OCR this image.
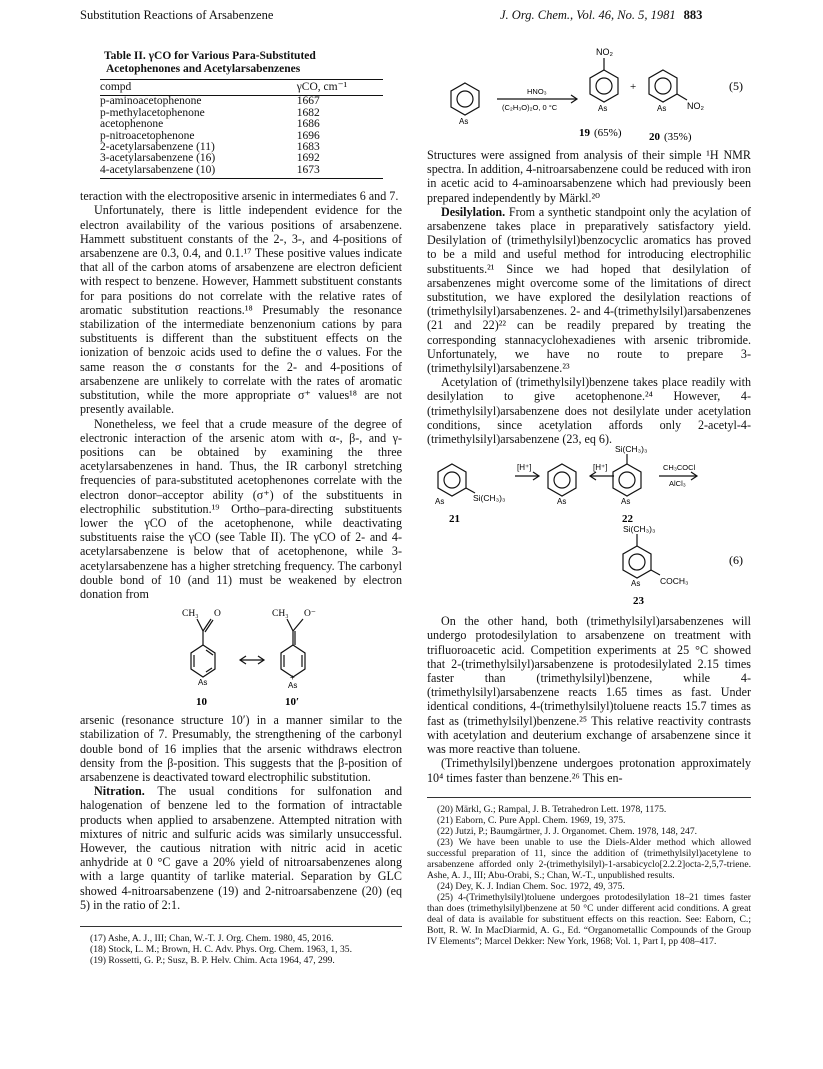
Substitution Reactions of Arsabenzene	J. Org. Chem., Vol. 46, No. 5, 1981 883
Table II. γCO for Various Para-Substituted
Acetophenones and Acetylarsabenzenes
compd	γCO, cm⁻¹
p-aminoacetophenone	1667
p-methylacetophenone	1682
acetophenone	1686
p-nitroacetophenone	1696
2-acetylarsabenzene (11)	1683
3-acetylarsabenzene (16)	1692
4-acetylarsabenzene (10)	1673

teraction with the electropositive arsenic in intermediates 6 and 7.

Unfortunately, there is little independent evidence for the electron availability of the various positions of arsabenzene. Hammett substituent constants of the 2-, 3-, and 4-positions of arsabenzene are 0.3, 0.4, and 0.1.¹⁷ These positive values indicate that all of the carbon atoms of arsabenzene are electron deficient with respect to benzene. However, Hammett substituent constants for para positions do not correlate with the relative rates of aromatic substitution reactions.¹⁸ Presumably the resonance stabilization of the intermediate benzenonium cations by para substituents is different than the substituent effects on the ionization of benzoic acids used to define the σ values. For the same reason the σ constants for the 2- and 4-positions of arsabenzene are unlikely to correlate with the rates of aromatic substitution, while the more appropriate σ⁺ values¹⁸ are not presently available.

Nonetheless, we feel that a crude measure of the degree of electronic interaction of the arsenic atom with α-, β-, and γ-positions can be obtained by examining the three acetylarsabenzenes in hand. Thus, the IR carbonyl stretching frequencies of para-substituted acetophenones correlate with the electron donor–acceptor ability (σ⁺) of the substituents in electrophilic substitution.¹⁹ Ortho–para-directing substituents lower the γCO of the acetophenone, while deactivating substituents raise the γCO (see Table II). The γCO of 2- and 4-acetylarsabenzene is below that of acetophenone, while 3-acetylarsabenzene has a higher stretching frequency. The carbonyl double bond of 10 (and 11) must be weakened by electron donation from

CH₃ O	CH₃ O⁻
As
+
As
10	10′

arsenic (resonance structure 10′) in a manner similar to the stabilization of 7. Presumably, the strengthening of the carbonyl double bond of 16 implies that the arsenic withdraws electron density from the β-position. This suggests that the β-position of arsabenzene is deactivated toward electrophilic substitution.

Nitration. The usual conditions for sulfonation and halogenation of benzene led to the formation of intractable products when applied to arsabenzene. Attempted nitration with mixtures of nitric and sulfuric acids was similarly unsuccessful. However, the cautious nitration with nitric acid in acetic anhydride at 0 °C gave a 20% yield of nitroarsabenzenes along with a large quantity of tarlike material. Separation by GLC showed 4-nitroarsabenzene (19) and 2-nitroarsabenzene (20) (eq 5) in the ratio of 2:1.

(17) Ashe, A. J., III; Chan, W.-T. J. Org. Chem. 1980, 45, 2016.
(18) Stock, L. M.; Brown, H. C. Adv. Phys. Org. Chem. 1963, 1, 35.
(19) Rossetti, G. P.; Susz, B. P. Helv. Chim. Acta 1964, 47, 299.
As
HNO₃
(C₂H₃O)₂O, 0 °C
NO₂
As
+
As NO₂
(5)
19 (65%)	20 (35%)

Structures were assigned from analysis of their simple ¹H NMR spectra. In addition, 4-nitroarsabenzene could be reduced with iron in acetic acid to 4-aminoarsabenzene which had previously been prepared independently by Märkl.²⁰

Desilylation. From a synthetic standpoint only the acylation of arsabenzene takes place in preparatively satisfactory yield. Desilylation of (trimethylsilyl)benzocyclic aromatics has proved to be a mild and useful method for introducing electrophilic substituents.²¹ Since we had hoped that desilylation of arsabenzenes might overcome some of the limitations of direct substitution, we have explored the desilylation reactions of (trimethylsilyl)arsabenzenes. 2- and 4-(trimethylsilyl)arsabenzenes (21 and 22)²² can be readily prepared by treating the corresponding stannacyclohexadienes with arsenic tribromide. Unfortunately, we have no route to prepare 3-(trimethylsilyl)arsabenzene.²³

Acetylation of (trimethylsilyl)benzene takes place readily with desilylation to give acetophenone.²⁴ However, 4-(trimethylsilyl)arsabenzene does not desilylate under acetylation conditions, since acetylation affords only 2-acetyl-4-(trimethylsilyl)arsabenzene (23, eq 6).

As	Si(CH₃)₃
21
[H⁺]
As
[H⁺]
Si(CH₃)₃
As
22
CH₃COCl
AlCl₃
Si(CH₃)₃
As COCH₃
23
(6)

On the other hand, both (trimethylsilyl)arsabenzenes will undergo protodesilylation to arsabenzene on treatment with trifluoroacetic acid. Competition experiments at 25 °C showed that 2-(trimethylsilyl)arsabenzene is protodesilylated 2.15 times faster than (trimethylsilyl)benzene, while 4-(trimethylsilyl)arsabenzene reacts 1.65 times as fast. Under identical conditions, 4-(trimethylsilyl)toluene reacts 15.7 times as fast as (trimethylsilyl)benzene.²⁵ This relative reactivity contrasts with acetylation and deuterium exchange of arsabenzene since it was more reactive than toluene.

(Trimethylsilyl)benzene undergoes protonation approximately 10⁴ times faster than benzene.²⁶ This en-

(20) Märkl, G.; Rampal, J. B. Tetrahedron Lett. 1978, 1175.
(21) Eaborn, C. Pure Appl. Chem. 1969, 19, 375.
(22) Jutzi, P.; Baumgärtner, J. J. Organomet. Chem. 1978, 148, 247.
(23) We have been unable to use the Diels-Alder method which allowed successful preparation of 11, since the addition of (trimethylsilyl)acetylene to arsabenzene afforded only 2-(trimethylsilyl)-1-arsabicyclo[2.2.2]octa-2,5,7-triene. Ashe, A. J., III; Abu-Orabi, S.; Chan, W.-T., unpublished results.
(24) Dey, K. J. Indian Chem. Soc. 1972, 49, 375.
(25) 4-(Trimethylsilyl)toluene undergoes protodesilylation 18–21 times faster than does (trimethylsilyl)benzene at 50 °C under different acid conditions. A great deal of data is available for substituent effects on this reaction. See: Eaborn, C.; Bott, R. W. In MacDiarmid, A. G., Ed. “Organometallic Compounds of the Group IV Elements”; Marcel Dekker: New York, 1968; Vol. 1, Part I, pp 408–417.
